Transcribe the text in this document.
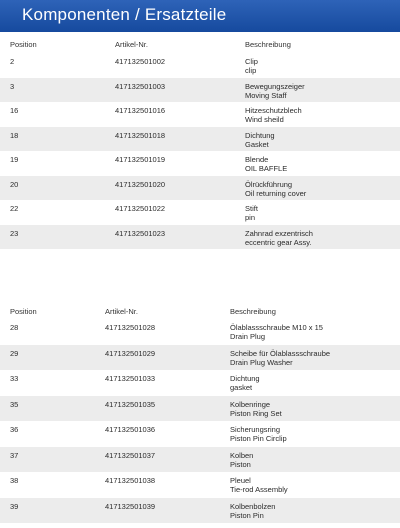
Komponenten / Ersatzteile
Position	Artikel-Nr.	Beschreibung
2	417132501002	Clip
clip
3	417132501003	Bewegungszeiger
Moving Staff
16	417132501016	Hitzeschutzblech
Wind sheild
18	417132501018	Dichtung
Gasket
19	417132501019	Blende
OIL BAFFLE
20	417132501020	Ölrückführung
Oil returning cover
22	417132501022	Stift
pin
23	417132501023	Zahnrad exzentrisch
eccentric gear Assy.
Position	Artikel-Nr.	Beschreibung
28	417132501028	Ölablassschraube M10 x 15
Drain Plug
29	417132501029	Scheibe für Ölablassschraube
Drain Plug Washer
33	417132501033	Dichtung
gasket
35	417132501035	Kolbenringe
Piston Ring Set
36	417132501036	Sicherungsring
Piston Pin Circlip
37	417132501037	Kolben
Piston
38	417132501038	Pleuel
Tie-rod Assembly
39	417132501039	Kolbenbolzen
Piston Pin
